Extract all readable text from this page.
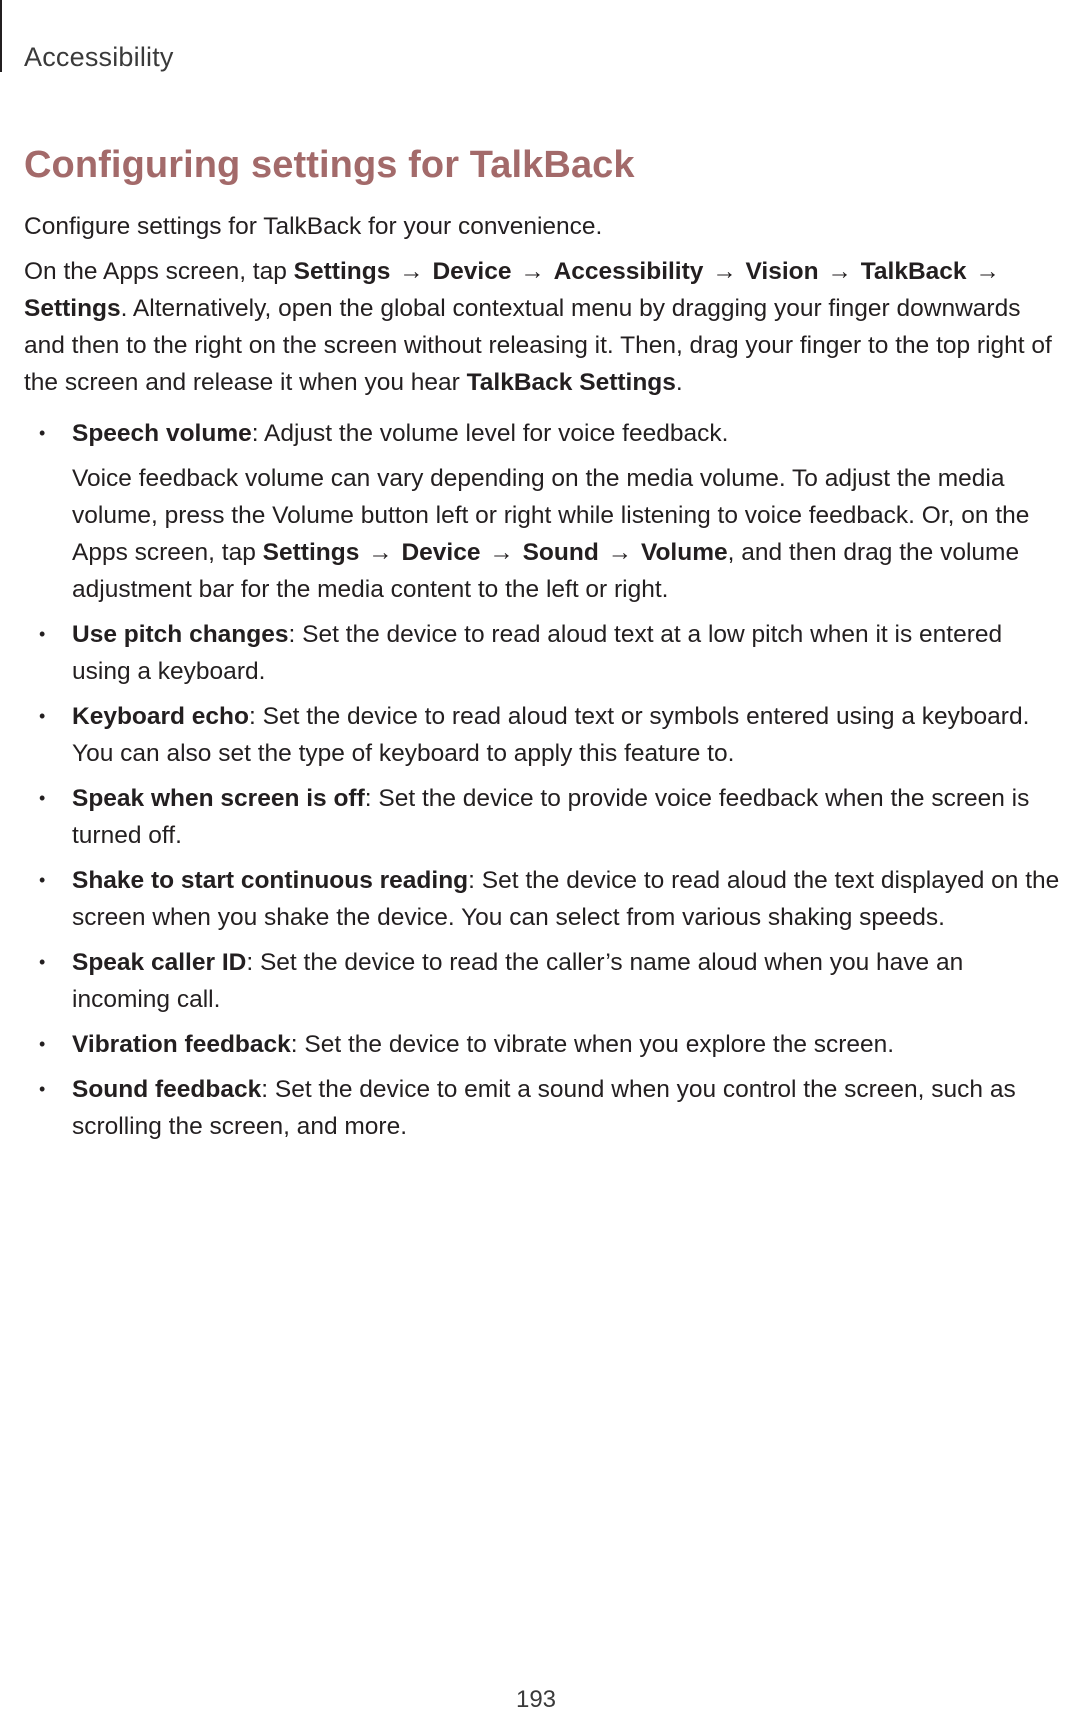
Accessibility
Configuring settings for TalkBack

Configure settings for TalkBack for your convenience.

On the Apps screen, tap Settings → Device → Accessibility → Vision → TalkBack → Settings. Alternatively, open the global contextual menu by dragging your finger downwards and then to the right on the screen without releasing it. Then, drag your finger to the top right of the screen and release it when you hear TalkBack Settings.

• Speech volume: Adjust the volume level for voice feedback.
Voice feedback volume can vary depending on the media volume. To adjust the media volume, press the Volume button left or right while listening to voice feedback. Or, on the Apps screen, tap Settings → Device → Sound → Volume, and then drag the volume adjustment bar for the media content to the left or right.
• Use pitch changes: Set the device to read aloud text at a low pitch when it is entered using a keyboard.
• Keyboard echo: Set the device to read aloud text or symbols entered using a keyboard. You can also set the type of keyboard to apply this feature to.
• Speak when screen is off: Set the device to provide voice feedback when the screen is turned off.
• Shake to start continuous reading: Set the device to read aloud the text displayed on the screen when you shake the device. You can select from various shaking speeds.
• Speak caller ID: Set the device to read the caller’s name aloud when you have an incoming call.
• Vibration feedback: Set the device to vibrate when you explore the screen.
• Sound feedback: Set the device to emit a sound when you control the screen, such as scrolling the screen, and more.
193
